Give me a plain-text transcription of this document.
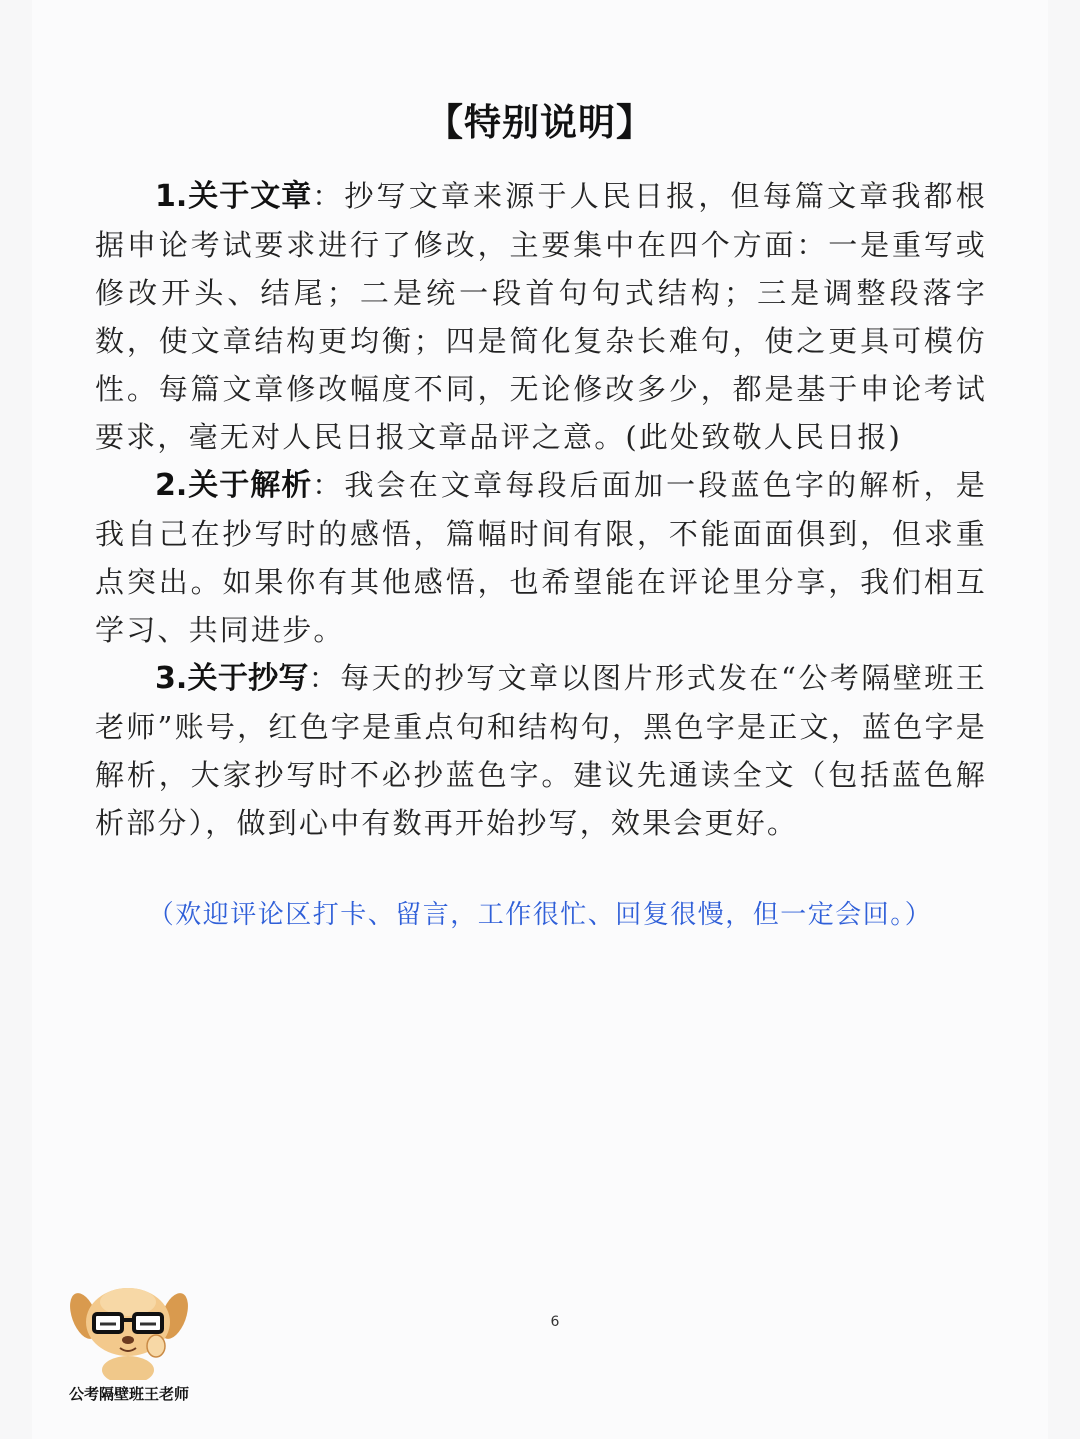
【特别说明】

1.关于文章：抄写文章来源于人民日报，但每篇文章我都根据申论考试要求进行了修改，主要集中在四个方面：一是重写或修改开头、结尾；二是统一段首句句式结构；三是调整段落字数，使文章结构更均衡；四是简化复杂长难句，使之更具可模仿性。每篇文章修改幅度不同，无论修改多少，都是基于申论考试要求，毫无对人民日报文章品评之意。(此处致敬人民日报)

2.关于解析：我会在文章每段后面加一段蓝色字的解析，是我自己在抄写时的感悟，篇幅时间有限，不能面面俱到，但求重点突出。如果你有其他感悟，也希望能在评论里分享，我们相互学习、共同进步。

3.关于抄写：每天的抄写文章以图片形式发在“公考隔壁班王老师”账号，红色字是重点句和结构句，黑色字是正文，蓝色字是解析，大家抄写时不必抄蓝色字。建议先通读全文（包括蓝色解析部分），做到心中有数再开始抄写，效果会更好。

（欢迎评论区打卡、留言，工作很忙、回复很慢，但一定会回。）
6
公考隔壁班王老师
